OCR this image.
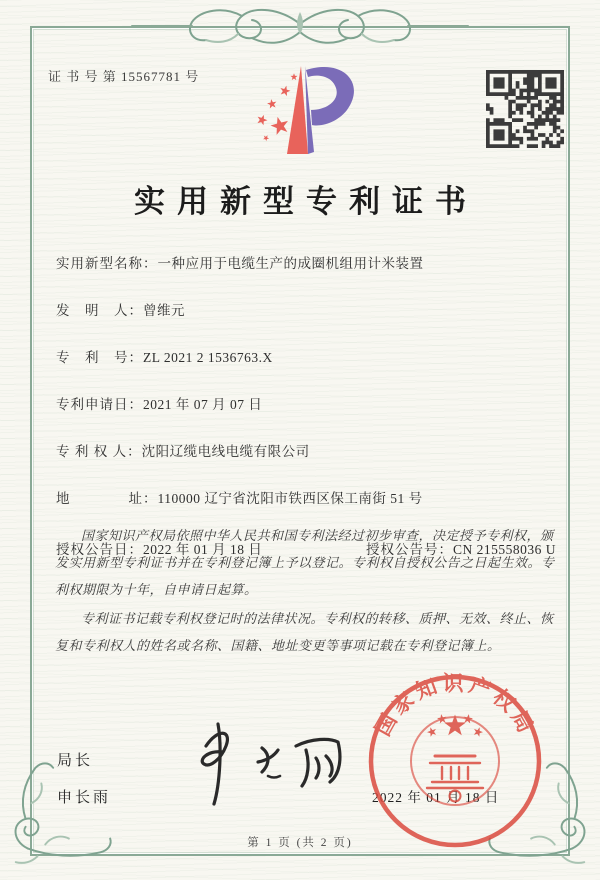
证 书 号 第 15567781 号
实用新型专利证书
实用新型名称：一种应用于电缆生产的成圈机组用计米装置
发　明　人：曾维元
专　利　号：ZL 2021 2 1536763.X
专利申请日：2021 年 07 月 07 日
专 利 权 人：沈阳辽缆电线电缆有限公司
地　　　　址：110000 辽宁省沈阳市铁西区保工南街 51 号
授权公告日：2022 年 01 月 18 日	授权公告号：CN 215558036 U

国家知识产权局依照中华人民共和国专利法经过初步审查，决定授予专利权，颁发实用新型专利证书并在专利登记簿上予以登记。专利权自授权公告之日起生效。专利权期限为十年，自申请日起算。

专利证书记载专利权登记时的法律状况。专利权的转移、质押、无效、终止、恢复和专利权人的姓名或名称、国籍、地址变更等事项记载在专利登记簿上。

局长
申长雨	2022 年 01 月 18 日
国家知识产权局
第 1 页 (共 2 页)
